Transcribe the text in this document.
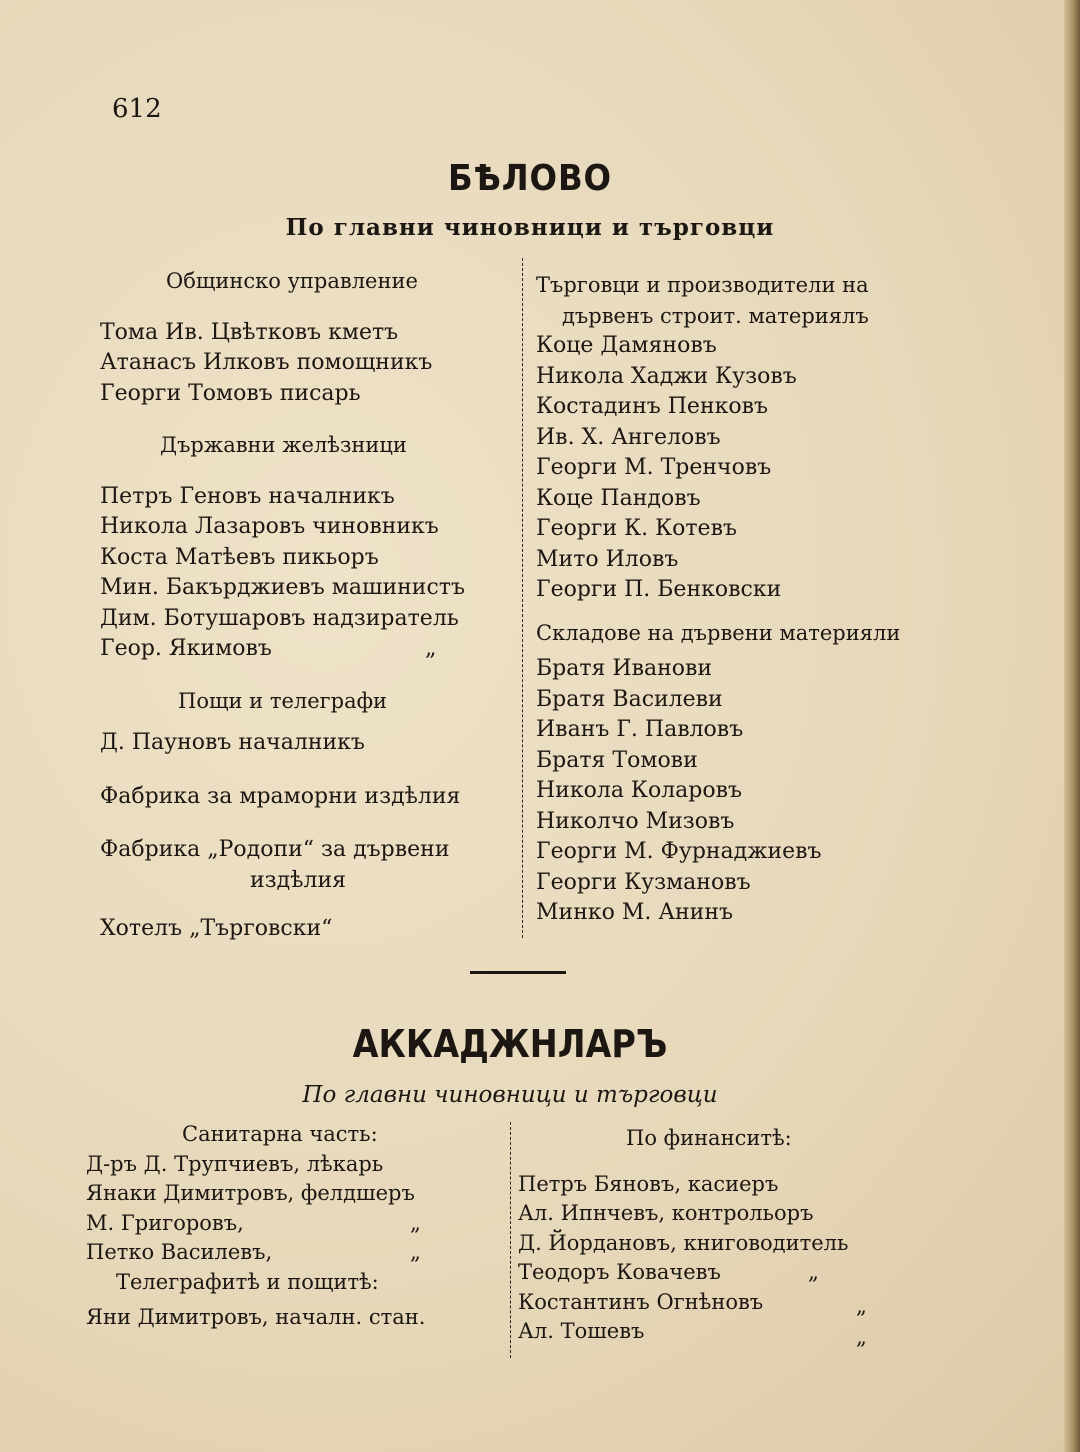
612
БѢЛОВО
По главни чиновници и търговци
Общинско управление
Тома Ив. Цвѣтковъ кметъ
Атанасъ Илковъ помощникъ
Георги Томовъ писарь
Държавни желѣзници
Петръ Геновъ началникъ
Никола Лазаровъ чиновникъ
Коста Матѣевъ пикьоръ
Мин. Бакърджиевъ машинистъ
Дим. Ботушаровъ надзиратель
Геор. Якимовъ	„
Пощи и телеграфи
Д. Пауновъ началникъ
Фабрика за мраморни издѣлия
Фабрика „Родопи“ за дървени
издѣлия
Хотелъ „Търговски“
Търговци и производители на
дървенъ строит. материялъ
Коце Дамяновъ
Никола Хаджи Кузовъ
Костадинъ Пенковъ
Ив. Х. Ангеловъ
Георги М. Тренчовъ
Коце Пандовъ
Георги К. Котевъ
Мито Иловъ
Георги П. Бенковски
Складове на дървени материяли
Братя Иванови
Братя Василеви
Иванъ Г. Павловъ
Братя Томови
Никола Коларовъ
Николчо Мизовъ
Георги М. Фурнаджиевъ
Георги Кузмановъ
Минко М. Анинъ
АККАДЖНЛАРЪ
По главни чиновници и търговци
Санитарна часть:
Д-ръ Д. Трупчиевъ, лѣкарь
Янаки Димитровъ, фелдшеръ
М. Григоровъ,	„
Петко Василевъ,	„
Телеграфитѣ и пощитѣ:
Яни Димитровъ, началн. стан.
По финанситѣ:
Петръ Бяновъ, касиеръ
Ал. Ипнчевъ, контрольоръ
Д. Йордановъ, книговодитель
Теодоръ Ковачевъ	„
Костантинъ Огнѣновъ	„
Ал. Тошевъ	„
